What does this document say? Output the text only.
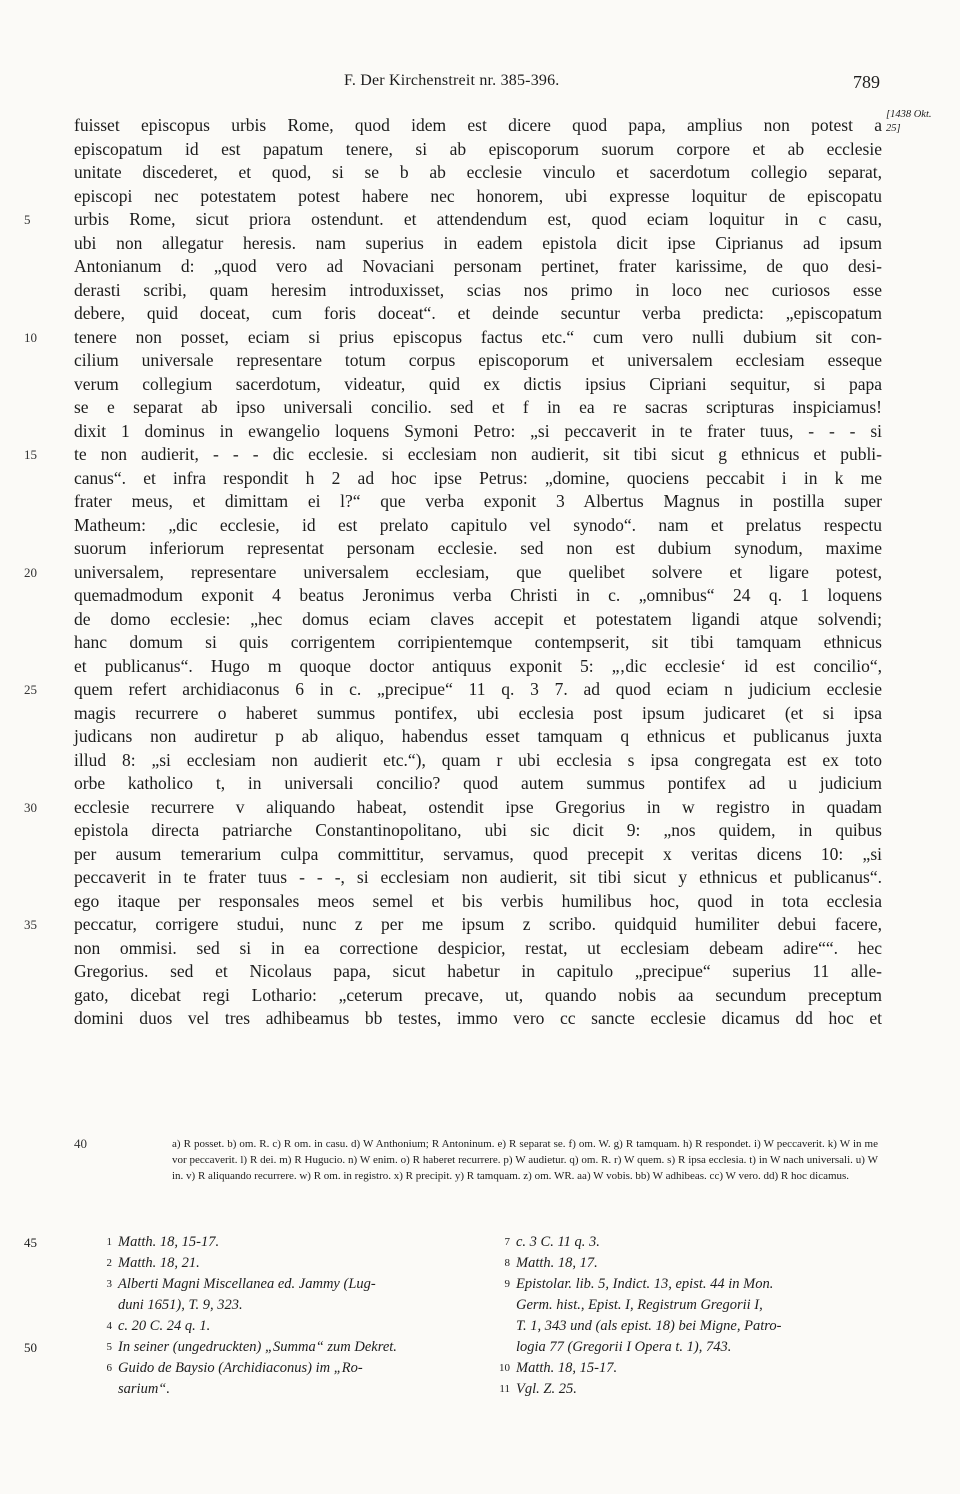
F. Der Kirchenstreit nr. 385-396.	789
[1438 Okt. 25]
fuisset episcopus urbis Rome, quod idem est dicere quod papa, amplius non potest a
episcopatum id est papatum tenere, si ab episcoporum suorum corpore et ab ecclesie
unitate discederet, et quod, si se b ab ecclesie vinculo et sacerdotum collegio separat,
episcopi nec potestatem potest habere nec honorem, ubi expresse loquitur de episcopatu
5	urbis Rome, sicut priora ostendunt. et attendendum est, quod eciam loquitur in c casu,
ubi non allegatur heresis. nam superius in eadem epistola dicit ipse Ciprianus ad ipsum
Antonianum d: „quod vero ad Novaciani personam pertinet, frater karissime, de quo desi-
derasti scribi, quam heresim introduxisset, scias nos primo in loco nec curiosos esse
debere, quid doceat, cum foris doceat“. et deinde secuntur verba predicta: „episcopatum
10	tenere non posset, eciam si prius episcopus factus etc.“ cum vero nulli dubium sit con-
cilium universale representare totum corpus episcoporum et universalem ecclesiam esseque
verum collegium sacerdotum, videatur, quid ex dictis ipsius Cipriani sequitur, si papa
se e separat ab ipso universali concilio. sed et f in ea re sacras scripturas inspiciamus!
dixit 1 dominus in ewangelio loquens Symoni Petro: „si peccaverit in te frater tuus, - - - si
15	te non audierit, - - - dic ecclesie. si ecclesiam non audierit, sit tibi sicut g ethnicus et publi-
canus“. et infra respondit h 2 ad hoc ipse Petrus: „domine, quociens peccabit i in k me
frater meus, et dimittam ei l?“ que verba exponit 3 Albertus Magnus in postilla super
Matheum: „dic ecclesie, id est prelato capitulo vel synodo“. nam et prelatus respectu
suorum inferiorum representat personam ecclesie. sed non est dubium synodum, maxime
20	universalem, representare universalem ecclesiam, que quelibet solvere et ligare potest,
quemadmodum exponit 4 beatus Jeronimus verba Christi in c. „omnibus“ 24 q. 1 loquens
de domo ecclesie: „hec domus eciam claves accepit et potestatem ligandi atque solvendi;
hanc domum si quis corrigentem corripientemque contempserit, sit tibi tamquam ethnicus
et publicanus“. Hugo m quoque doctor antiquus exponit 5: „‚dic ecclesie‘ id est concilio“,
25	quem refert archidiaconus 6 in c. „precipue“ 11 q. 3 7. ad quod eciam n judicium ecclesie
magis recurrere o haberet summus pontifex, ubi ecclesia post ipsum judicaret (et si ipsa
judicans non audiretur p ab aliquo, habendus esset tamquam q ethnicus et publicanus juxta
illud 8: „si ecclesiam non audierit etc.“), quam r ubi ecclesia s ipsa congregata est ex toto
orbe katholico t, in universali concilio? quod autem summus pontifex ad u judicium
30	ecclesie recurrere v aliquando habeat, ostendit ipse Gregorius in w registro in quadam
epistola directa patriarche Constantinopolitano, ubi sic dicit 9: „nos quidem, in quibus
per ausum temerarium culpa committitur, servamus, quod precepit x veritas dicens 10: „si
peccaverit in te frater tuus - - -, si ecclesiam non audierit, sit tibi sicut y ethnicus et publicanus“.
ego itaque per responsales meos semel et bis verbis humilibus hoc, quod in tota ecclesia
35	peccatur, corrigere studui, nunc z per me ipsum z scribo. quidquid humiliter debui facere,
non ommisi. sed si in ea correctione despicior, restat, ut ecclesiam debeam adire““. hec
Gregorius. sed et Nicolaus papa, sicut habetur in capitulo „precipue“ superius 11 alle-
gato, dicebat regi Lothario: „ceterum precave, ut, quando nobis aa secundum preceptum
domini duos vel tres adhibeamus bb testes, immo vero cc sancte ecclesie dicamus dd hoc et
40	a) R posset. b) om. R. c) R om. in casu. d) W Anthonium; R Antoninum. e) R separat se. f) om. W. g) R tamquam. h) R respondet. i) W peccaverit. k) W in me vor peccaverit. l) R dei. m) R Hugucio. n) W enim. o) R haberet recurrere. p) W audietur. q) om. R. r) W quem. s) R ipsa ecclesia. t) in W nach universali. u) W in. v) R aliquando recurrere. w) R om. in registro. x) R precipit. y) R tamquam. z) om. WR. aa) W vobis. bb) W adhibeas. cc) W vero. dd) R hoc dicamus.
45	1 Matth. 18, 15-17.
2 Matth. 18, 21.
3 Alberti Magni Miscellanea ed. Jammy (Lug-
duni 1651), T. 9, 323.
4 c. 20 C. 24 q. 1.
50	5 In seiner (ungedruckten) „Summa“ zum Dekret.
6 Guido de Baysio (Archidiaconus) im „Ro-
sarium“.
7 c. 3 C. 11 q. 3.
8 Matth. 18, 17.
9 Epistolar. lib. 5, Indict. 13, epist. 44 in Mon.
Germ. hist., Epist. I, Registrum Gregorii I,
T. 1, 343 und (als epist. 18) bei Migne, Patro-
logia 77 (Gregorii I Opera t. 1), 743.
10 Matth. 18, 15-17.
11 Vgl. Z. 25.
